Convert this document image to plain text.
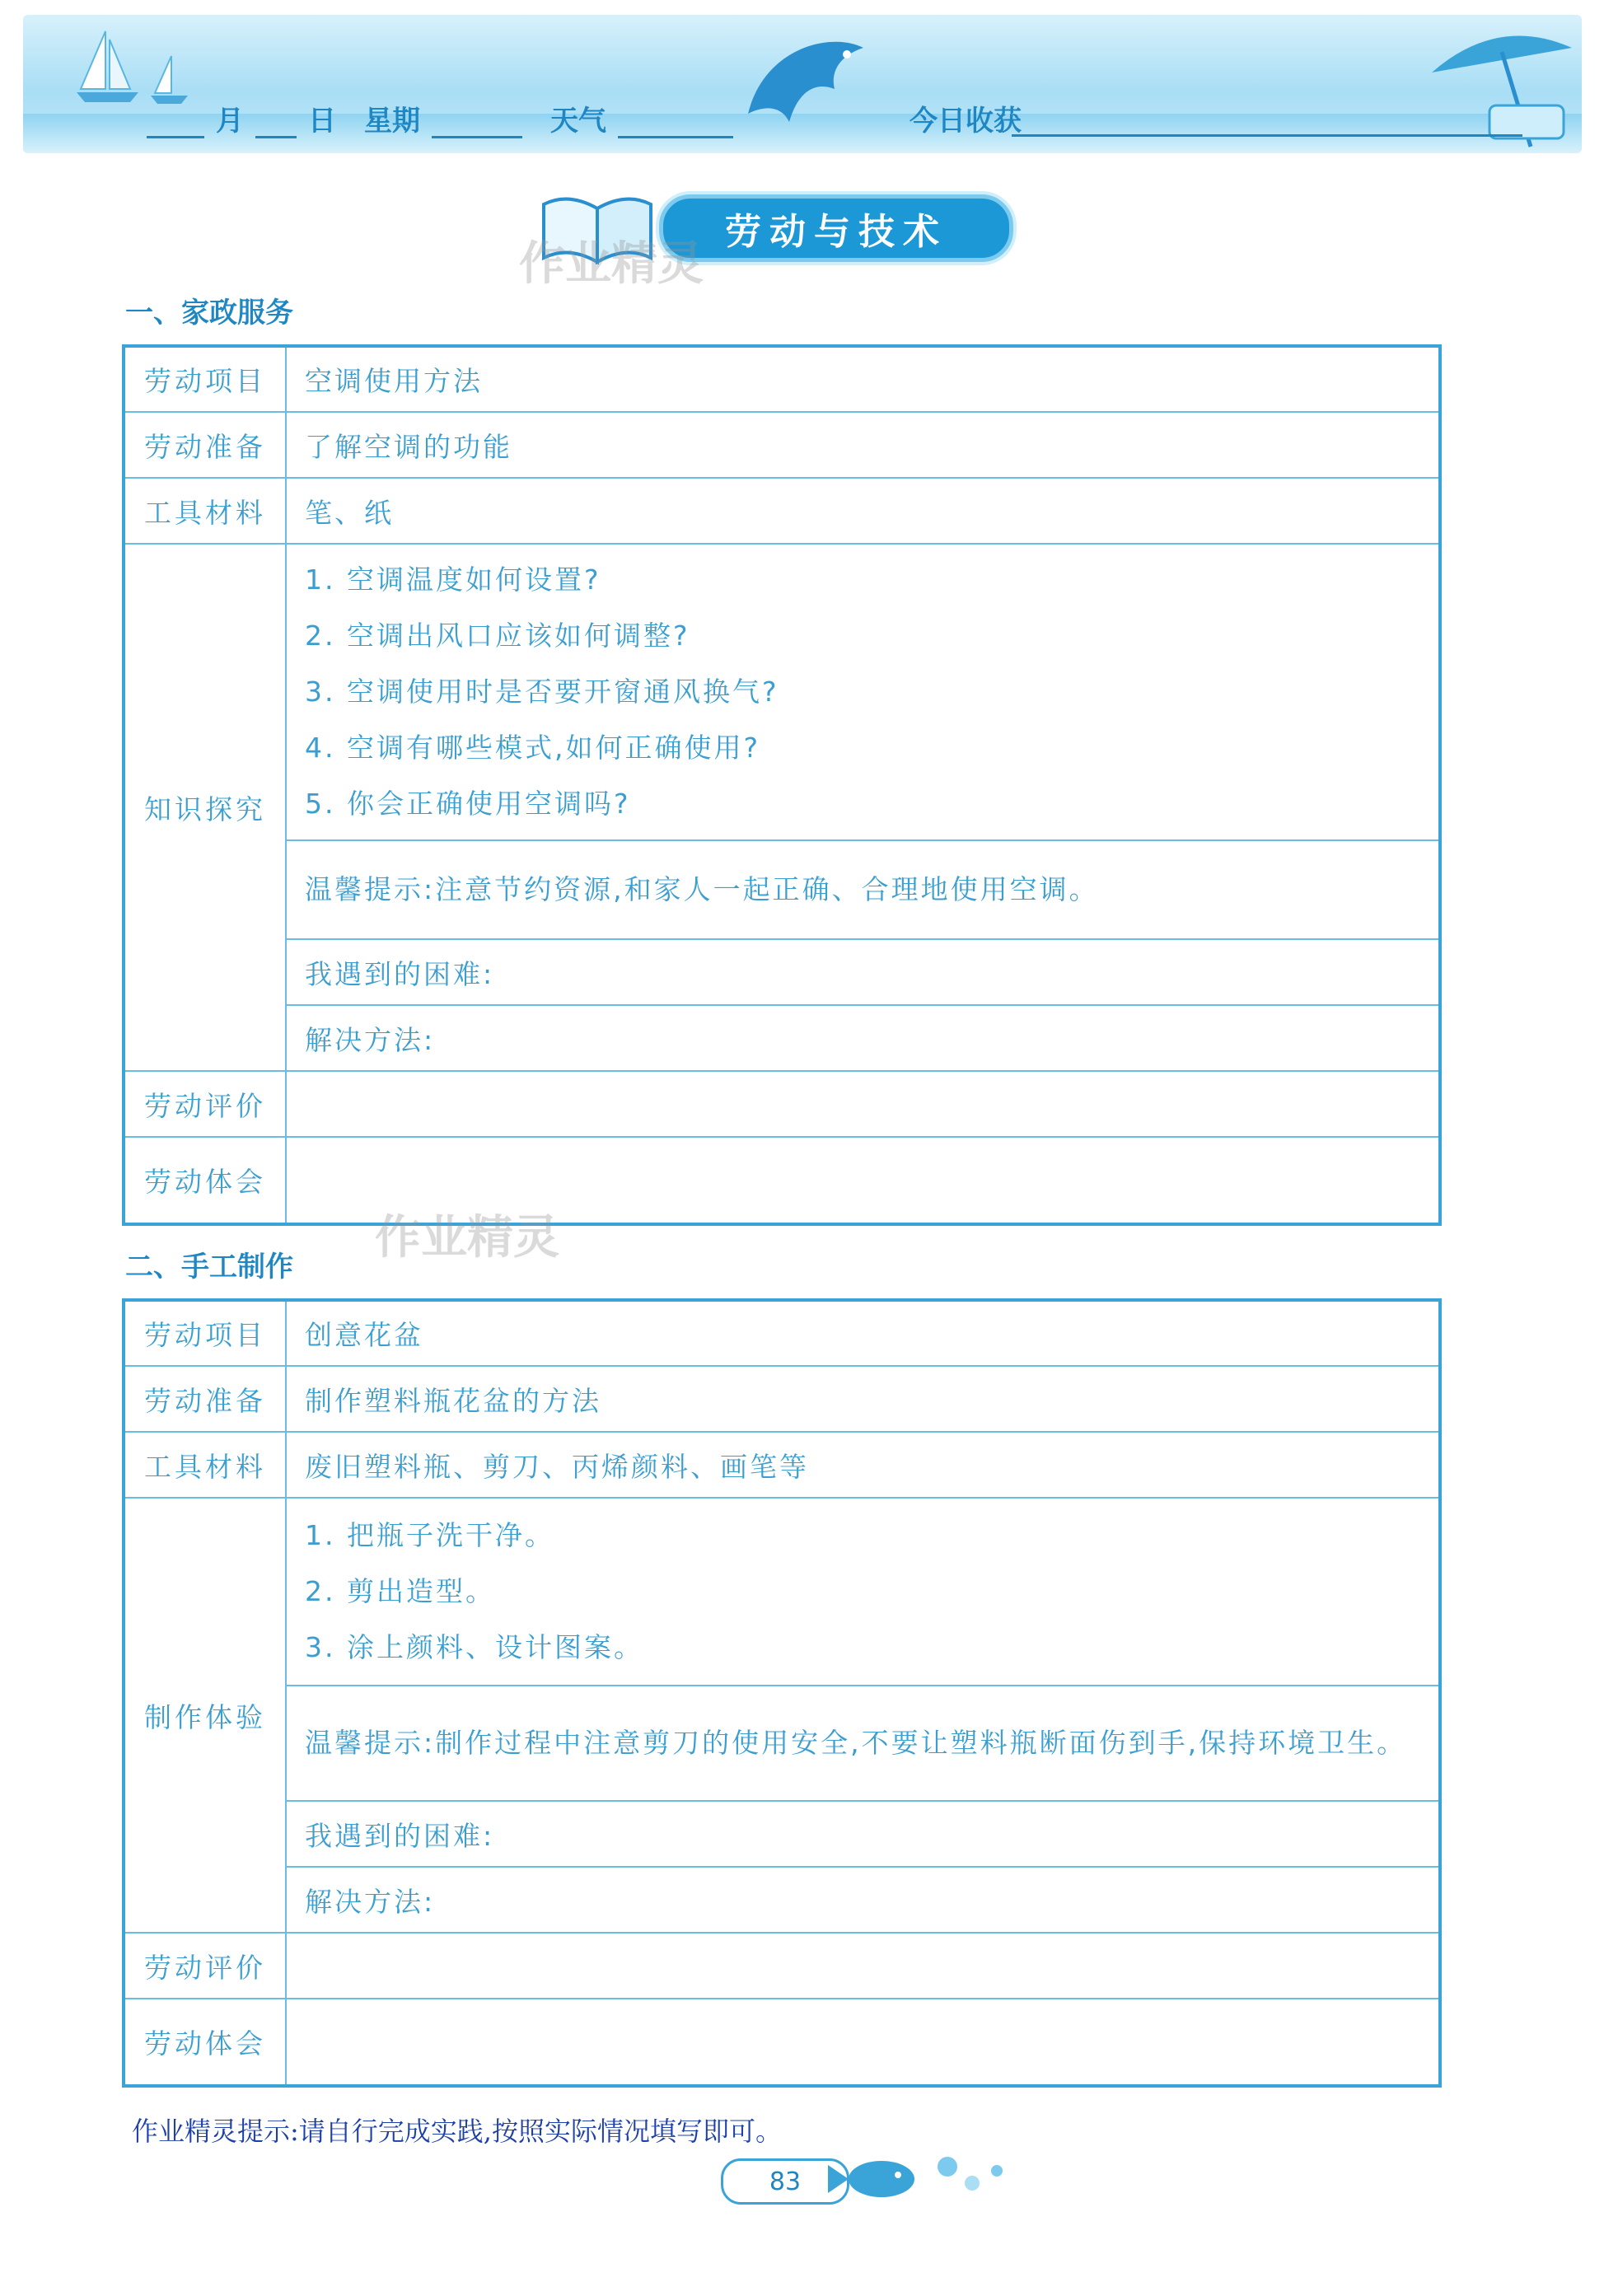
月 日 星期	天气	今日收获
劳动与技术
作业精灵
一、家政服务
劳动项目	空调使用方法
劳动准备	了解空调的功能
工具材料	笔、纸
知识探究	1. 空调温度如何设置?
2. 空调出风口应该如何调整?
3. 空调使用时是否要开窗通风换气?
4. 空调有哪些模式,如何正确使用?
5. 你会正确使用空调吗?

	温馨提示:注意节约资源,和家人一起正确、合理地使用空调。
	我遇到的困难:
	解决方法:
劳动评价	
劳动体会	
作业精灵
二、手工制作
劳动项目	创意花盆
劳动准备	制作塑料瓶花盆的方法
工具材料	废旧塑料瓶、剪刀、丙烯颜料、画笔等
制作体验	1. 把瓶子洗干净。
2. 剪出造型。
3. 涂上颜料、设计图案。

	温馨提示:制作过程中注意剪刀的使用安全,不要让塑料瓶断面伤到手,保持环境卫生。
	我遇到的困难:
	解决方法:
劳动评价	
劳动体会	
作业精灵提示:请自行完成实践,按照实际情况填写即可。
83
